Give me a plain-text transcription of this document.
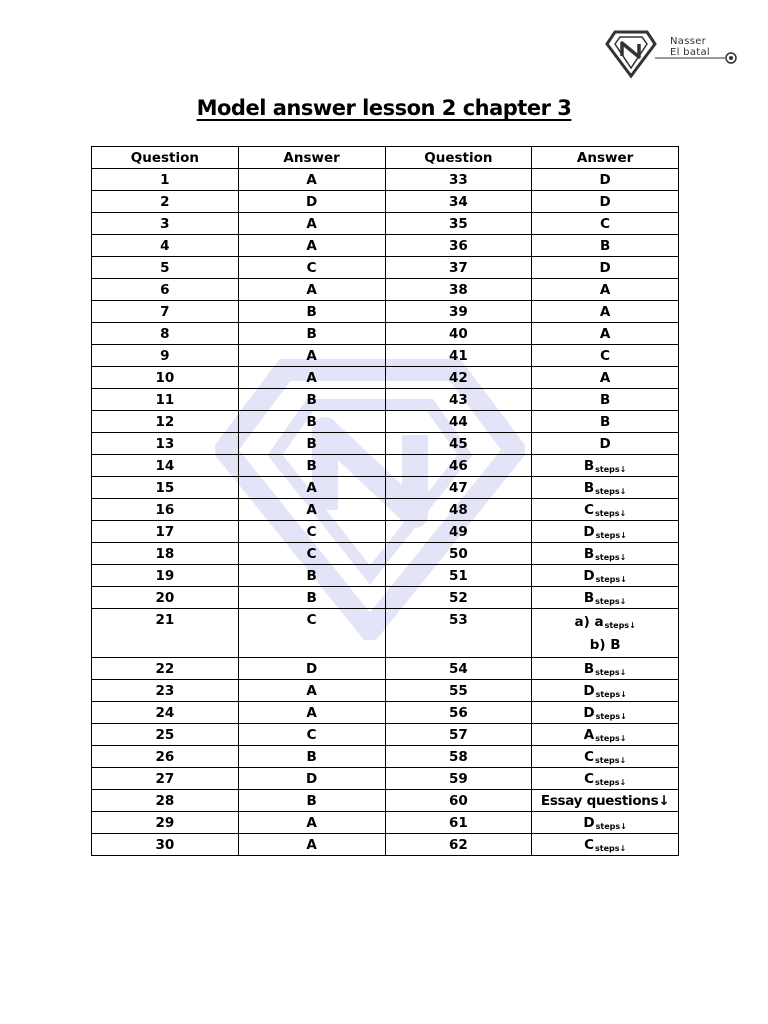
Nasser
El batal
Model answer lesson 2 chapter 3
Question	Answer	Question	Answer
1	A	33	D
2	D	34	D
3	A	35	C
4	A	36	B
5	C	37	D
6	A	38	A
7	B	39	A
8	B	40	A
9	A	41	C
10	A	42	A
11	B	43	B
12	B	44	B
13	B	45	D
14	B	46	$B_{steps↓}$
15	A	47	$B_{steps↓}$
16	A	48	$C_{steps↓}$
17	C	49	$D_{steps↓}$
18	C	50	$B_{steps↓}$
19	B	51	$D_{steps↓}$
20	B	52	$B_{steps↓}$
21	C	53	a) $a_{steps↓}$
b) B

22	D	54	$B_{steps↓}$
23	A	55	$D_{steps↓}$
24	A	56	$D_{steps↓}$
25	C	57	$A_{steps↓}$
26	B	58	$C_{steps↓}$
27	D	59	$C_{steps↓}$
28	B	60	Essay questions↓
29	A	61	$D_{steps↓}$
30	A	62	$C_{steps↓}$
